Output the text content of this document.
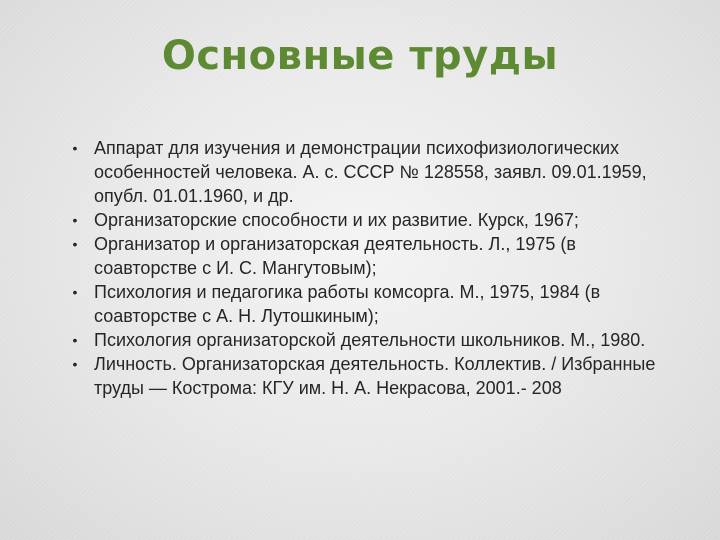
Основные труды
• Аппарат для изучения и демонстрации психофизиологических особенностей человека. А. с. СССР № 128558, заявл. 09.01.1959, опубл. 01.01.1960, и др.
• Организаторские способности и их развитие. Курск, 1967;
• Организатор и организаторская деятельность. Л., 1975 (в соавторстве с И. С. Мангутовым);
• Психология и педагогика работы комсорга. М., 1975, 1984 (в соавторстве с А. Н. Лутошкиным);
• Психология организаторской деятельности школьников. М., 1980.
• Личность. Организаторская деятельность. Коллектив. / Избранные труды — Кострома: КГУ им. Н. А. Некрасова, 2001.- 208
